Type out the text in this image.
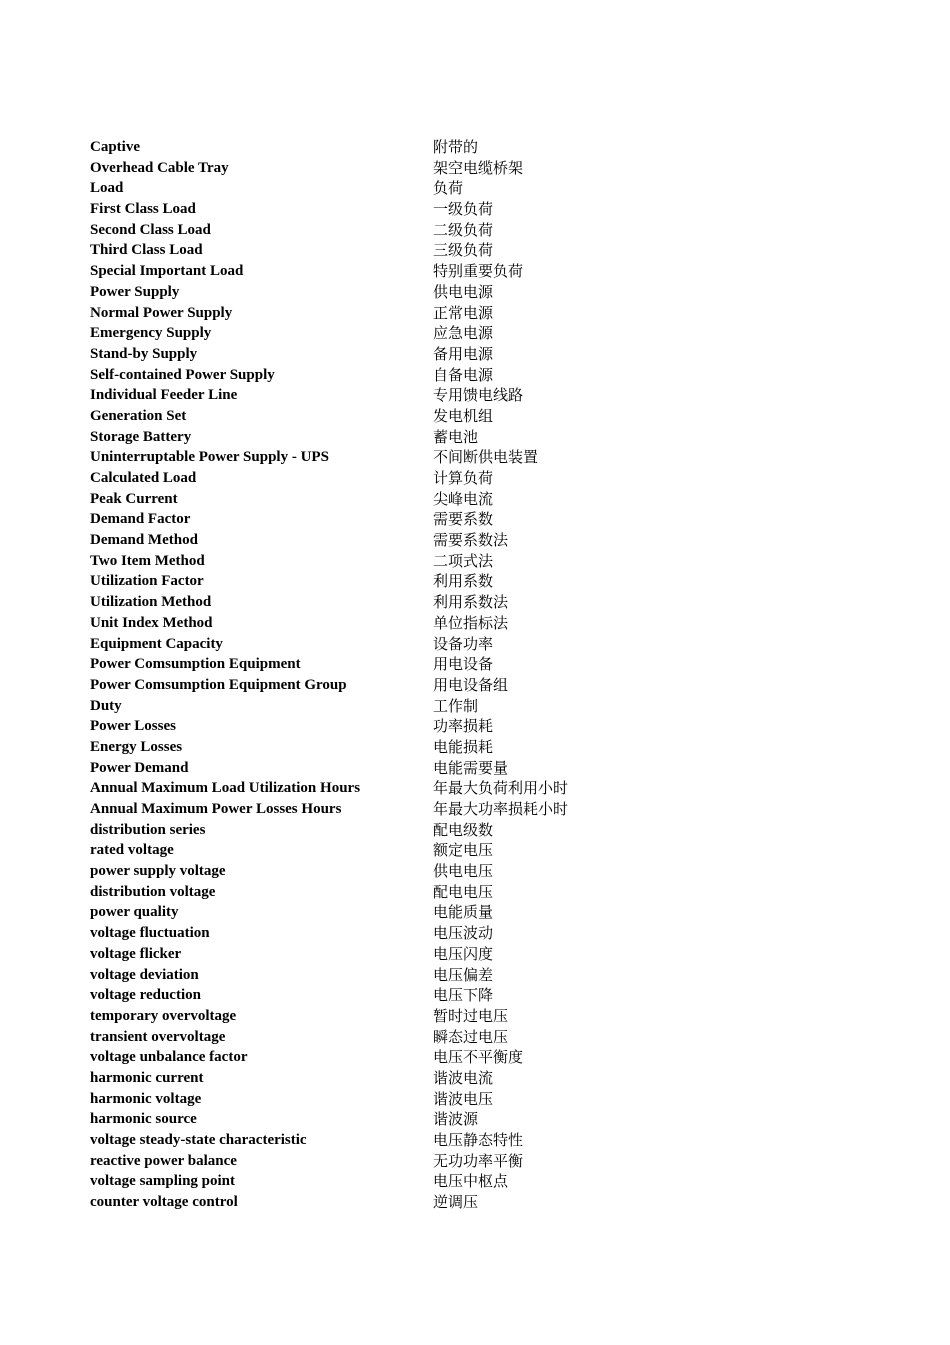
Captive	附带的
Overhead Cable Tray	架空电缆桥架
Load	负荷
First Class Load	一级负荷
Second Class Load	二级负荷
Third Class Load	三级负荷
Special Important Load	特别重要负荷
Power Supply	供电电源
Normal Power Supply	正常电源
Emergency Supply	应急电源
Stand-by Supply	备用电源
Self-contained Power Supply	自备电源
Individual Feeder Line	专用馈电线路
Generation Set	发电机组
Storage Battery	蓄电池
Uninterruptable Power Supply - UPS	不间断供电装置
Calculated Load	计算负荷
Peak Current	尖峰电流
Demand Factor	需要系数
Demand Method	需要系数法
Two Item Method	二项式法
Utilization Factor	利用系数
Utilization Method	利用系数法
Unit Index Method	单位指标法
Equipment Capacity	设备功率
Power Comsumption Equipment	用电设备
Power Comsumption Equipment Group	用电设备组
Duty	工作制
Power Losses	功率损耗
Energy Losses	电能损耗
Power Demand	电能需要量
Annual Maximum Load Utilization Hours	年最大负荷利用小时
Annual Maximum Power Losses Hours	年最大功率损耗小时
distribution series	配电级数
rated voltage	额定电压
power supply voltage	供电电压
distribution voltage	配电电压
power quality	电能质量
voltage fluctuation	电压波动
voltage flicker	电压闪度
voltage deviation	电压偏差
voltage reduction	电压下降
temporary overvoltage	暂时过电压
transient overvoltage	瞬态过电压
voltage unbalance factor	电压不平衡度
harmonic current	谐波电流
harmonic voltage	谐波电压
harmonic source	谐波源
voltage steady-state characteristic	电压静态特性
reactive power balance	无功功率平衡
voltage sampling point	电压中枢点
counter voltage control	逆调压
